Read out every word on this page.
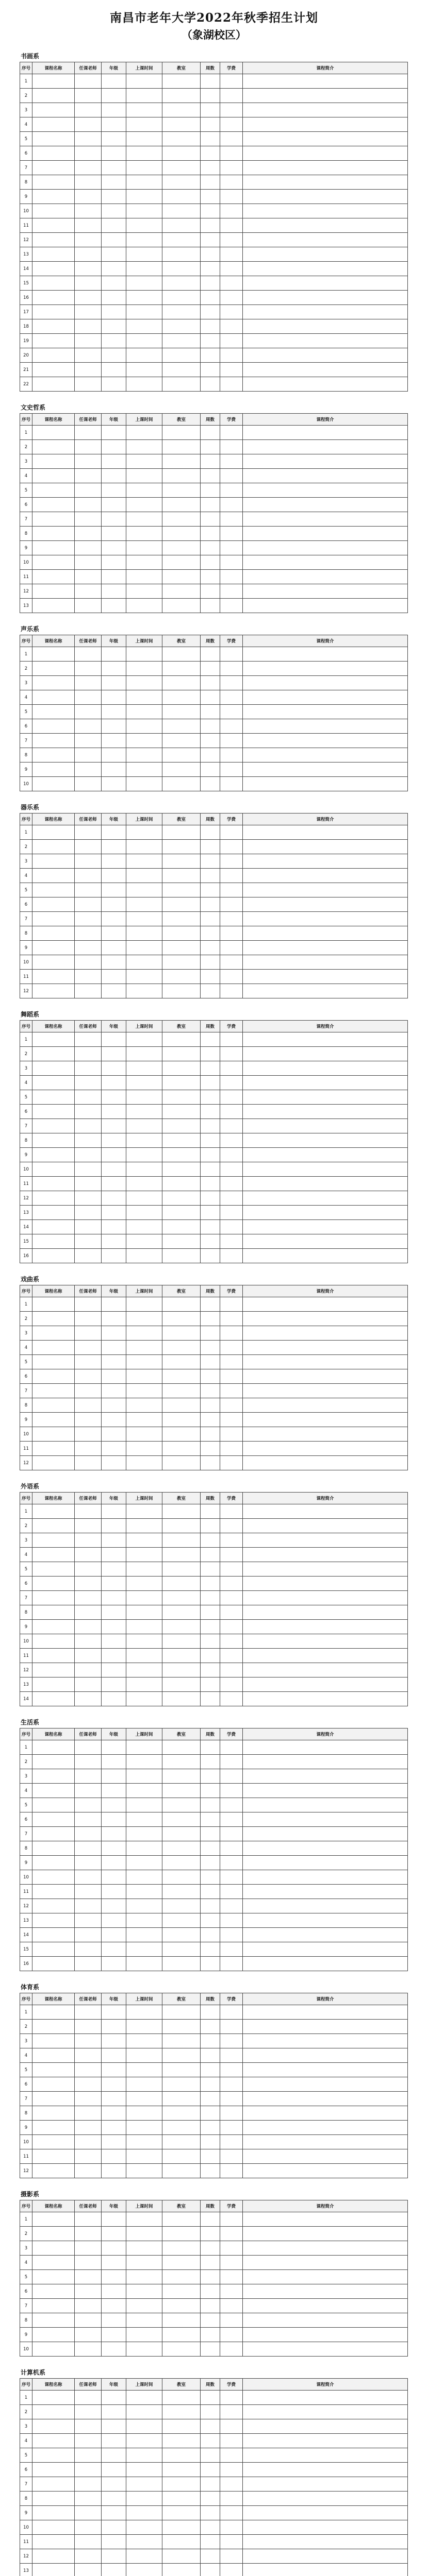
南昌市老年大学2022年秋季招生计划
（象湖校区）
书画系
序号	课程名称	任课老师	年级	上课时间	教室	周数	学费	课程简介
1								
2								
3								
4								
5								
6								
7								
8								
9								
10								
11								
12								
13								
14								
15								
16								
17								
18								
19								
20								
21								
22								
文史哲系
序号	课程名称	任课老师	年级	上课时间	教室	周数	学费	课程简介
1								
2								
3								
4								
5								
6								
7								
8								
9								
10								
11								
12								
13								
声乐系
序号	课程名称	任课老师	年级	上课时间	教室	周数	学费	课程简介
1								
2								
3								
4								
5								
6								
7								
8								
9								
10								
器乐系
序号	课程名称	任课老师	年级	上课时间	教室	周数	学费	课程简介
1								
2								
3								
4								
5								
6								
7								
8								
9								
10								
11								
12								
舞蹈系
序号	课程名称	任课老师	年级	上课时间	教室	周数	学费	课程简介
1								
2								
3								
4								
5								
6								
7								
8								
9								
10								
11								
12								
13								
14								
15								
16								
戏曲系
序号	课程名称	任课老师	年级	上课时间	教室	周数	学费	课程简介
1								
2								
3								
4								
5								
6								
7								
8								
9								
10								
11								
12								
外语系
序号	课程名称	任课老师	年级	上课时间	教室	周数	学费	课程简介
1								
2								
3								
4								
5								
6								
7								
8								
9								
10								
11								
12								
13								
14								
生活系
序号	课程名称	任课老师	年级	上课时间	教室	周数	学费	课程简介
1								
2								
3								
4								
5								
6								
7								
8								
9								
10								
11								
12								
13								
14								
15								
16								
体育系
序号	课程名称	任课老师	年级	上课时间	教室	周数	学费	课程简介
1								
2								
3								
4								
5								
6								
7								
8								
9								
10								
11								
12								
摄影系
序号	课程名称	任课老师	年级	上课时间	教室	周数	学费	课程简介
1								
2								
3								
4								
5								
6								
7								
8								
9								
10								
计算机系
序号	课程名称	任课老师	年级	上课时间	教室	周数	学费	课程简介
1								
2								
3								
4								
5								
6								
7								
8								
9								
10								
11								
12								
13								
